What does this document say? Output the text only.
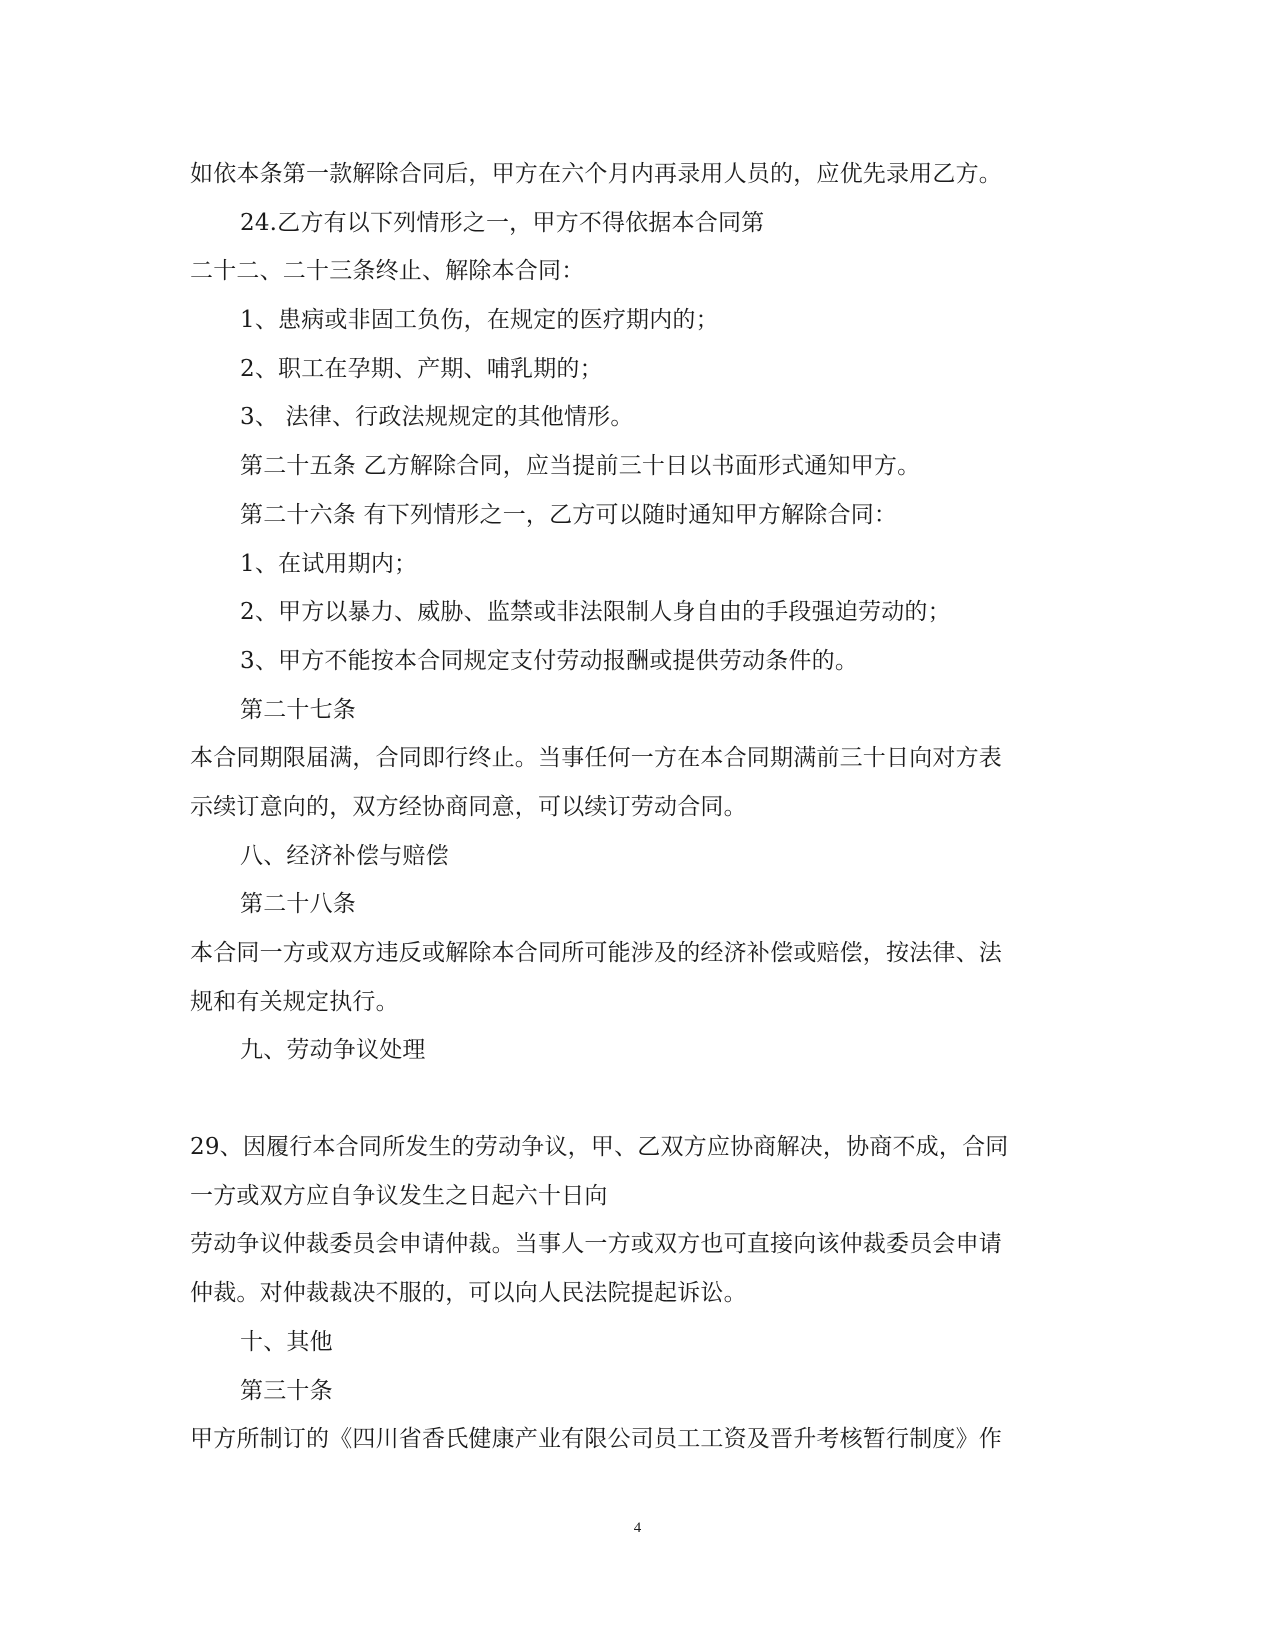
如依本条第一款解除合同后，甲方在六个月内再录用人员的，应优先录用乙方。
24.乙方有以下列情形之一，甲方不得依据本合同第
二十二、二十三条终止、解除本合同：
1、患病或非固工负伤，在规定的医疗期内的；
2、职工在孕期、产期、哺乳期的；
3、 法律、行政法规规定的其他情形。
第二十五条 乙方解除合同，应当提前三十日以书面形式通知甲方。
第二十六条 有下列情形之一，乙方可以随时通知甲方解除合同：
1、在试用期内；
2、甲方以暴力、威胁、监禁或非法限制人身自由的手段强迫劳动的；
3、甲方不能按本合同规定支付劳动报酬或提供劳动条件的。
第二十七条
本合同期限届满，合同即行终止。当事任何一方在本合同期满前三十日向对方表
示续订意向的，双方经协商同意，可以续订劳动合同。
八、经济补偿与赔偿
第二十八条
本合同一方或双方违反或解除本合同所可能涉及的经济补偿或赔偿，按法律、法
规和有关规定执行。
九、劳动争议处理
29、因履行本合同所发生的劳动争议，甲、乙双方应协商解决，协商不成，合同
一方或双方应自争议发生之日起六十日向
劳动争议仲裁委员会申请仲裁。当事人一方或双方也可直接向该仲裁委员会申请
仲裁。对仲裁裁决不服的，可以向人民法院提起诉讼。
十、其他
第三十条
甲方所制订的《四川省香氏健康产业有限公司员工工资及晋升考核暂行制度》作
4
